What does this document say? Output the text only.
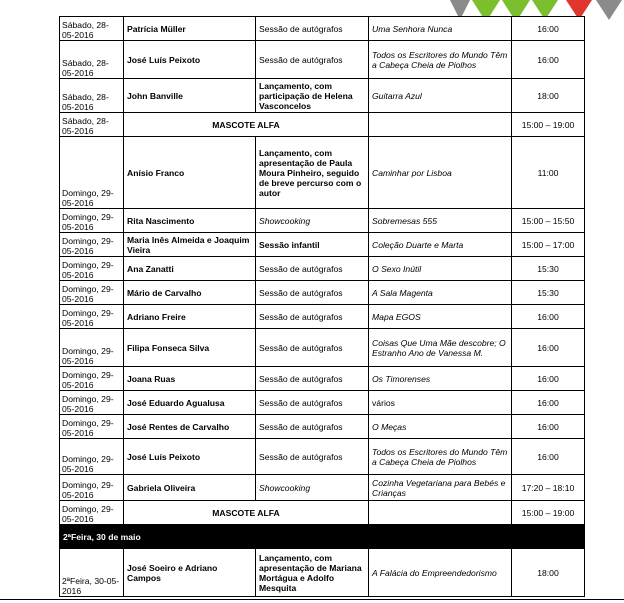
Sábado, 28-05-2016	Patrícia Müller	Sessão de autógrafos	Uma Senhora Nunca	16:00
Sábado, 28-05-2016	José Luís Peixoto	Sessão de autógrafos	Todos os Escritores do Mundo Têm a Cabeça Cheia de Piolhos	16:00
Sábado, 28-05-2016	John Banville	Lançamento, com participação de Helena Vasconcelos	Guitarra Azul	18:00
Sábado, 28-05-2016	MASCOTE ALFA			15:00 – 19:00
Domingo, 29-05-2016	Anísio Franco	Lançamento, com apresentação de Paula Moura Pinheiro, seguido de breve percurso com o autor	Caminhar por Lisboa	11:00
Domingo, 29-05-2016	Rita Nascimento	Showcooking	Sobremesas 555	15:00 – 15:50
Domingo, 29-05-2016	Maria Inês Almeida e Joaquim Vieira	Sessão infantil	Coleção Duarte e Marta	15:00 – 17:00
Domingo, 29-05-2016	Ana Zanatti	Sessão de autógrafos	O Sexo Inútil	15:30
Domingo, 29-05-2016	Mário de Carvalho	Sessão de autógrafos	A Sala Magenta	15:30
Domingo, 29-05-2016	Adriano Freire	Sessão de autógrafos	Mapa EGOS	16:00
Domingo, 29-05-2016	Filipa Fonseca Silva	Sessão de autógrafos	Coisas Que Uma Mãe descobre; O Estranho Ano de Vanessa M.	16:00
Domingo, 29-05-2016	Joana Ruas	Sessão de autógrafos	Os Timorenses	16:00
Domingo, 29-05-2016	José Eduardo Agualusa	Sessão de autógrafos	vários	16:00
Domingo, 29-05-2016	José Rentes de Carvalho	Sessão de autógrafos	O Meças	16:00
Domingo, 29-05-2016	José Luís Peixoto	Sessão de autógrafos	Todos os Escritores do Mundo Têm a Cabeça Cheia de Piolhos	16:00
Domingo, 29-05-2016	Gabriela Oliveira	Showcooking	Cozinha Vegetariana para Bebés e Crianças	17:20 – 18:10
Domingo, 29-05-2016	MASCOTE ALFA			15:00 – 19:00
2ªFeira, 30 de maio				
2ªFeira, 30-05-2016	José Soeiro e Adriano Campos	Lançamento, com apresentação de Mariana Mortágua e Adolfo Mesquita	A Falácia do Empreendedorismo	18:00
